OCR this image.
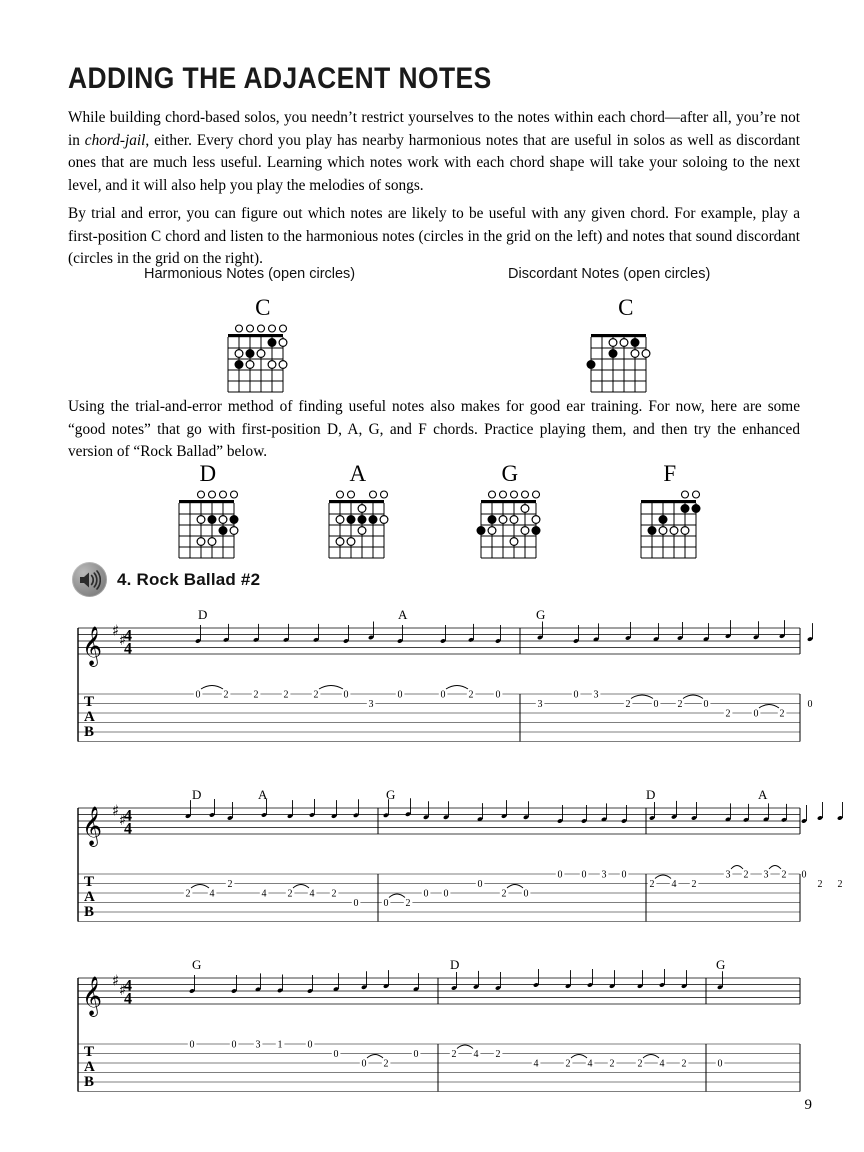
ADDING THE ADJACENT NOTES
While building chord-based solos, you needn’t restrict yourselves to the notes within each chord—after all, you’re not in chord-jail, either. Every chord you play has nearby harmonious notes that are useful in solos as well as discordant ones that are much less useful. Learning which notes work with each chord shape will take your soloing to the next level, and it will also help you play the melodies of songs.
By trial and error, you can figure out which notes are likely to be useful with any given chord. For example, play a first-position C chord and listen to the harmonious notes (circles in the grid on the left) and notes that sound discordant (circles in the grid on the right).
Harmonious Notes (open circles)	Discordant Notes (open circles)
C	C
Using the trial-and-error method of finding useful notes also makes for good ear training. For now, here are some “good notes” that go with first-position D, A, G, and F chords. Practice playing them, and then try the enhanced version of “Rock Ballad” below.
D	A	G	F
4. Rock Ballad #2
𝄞 ♯
♯
4
4
D	A	G
0 2	2	2	2	0
3
0	0 2 0
3
0 3
2 0 2 0
2 0 2
0
T
A
B
𝄞 ♯
♯
4
4
D	A	G	D	A
2 4
2
4 2 4 2
0	0 2
0 0
0
2 0
0 0 3 0
2 4 2
3 2 3 2 0
2 2
T
A
B
𝄞 ♯
♯
4
4
G	D	G
0	0 3 1	0
0
0 2
0	2 4 2
4	2 4 2 2 4 2	0
T
A
B
9
